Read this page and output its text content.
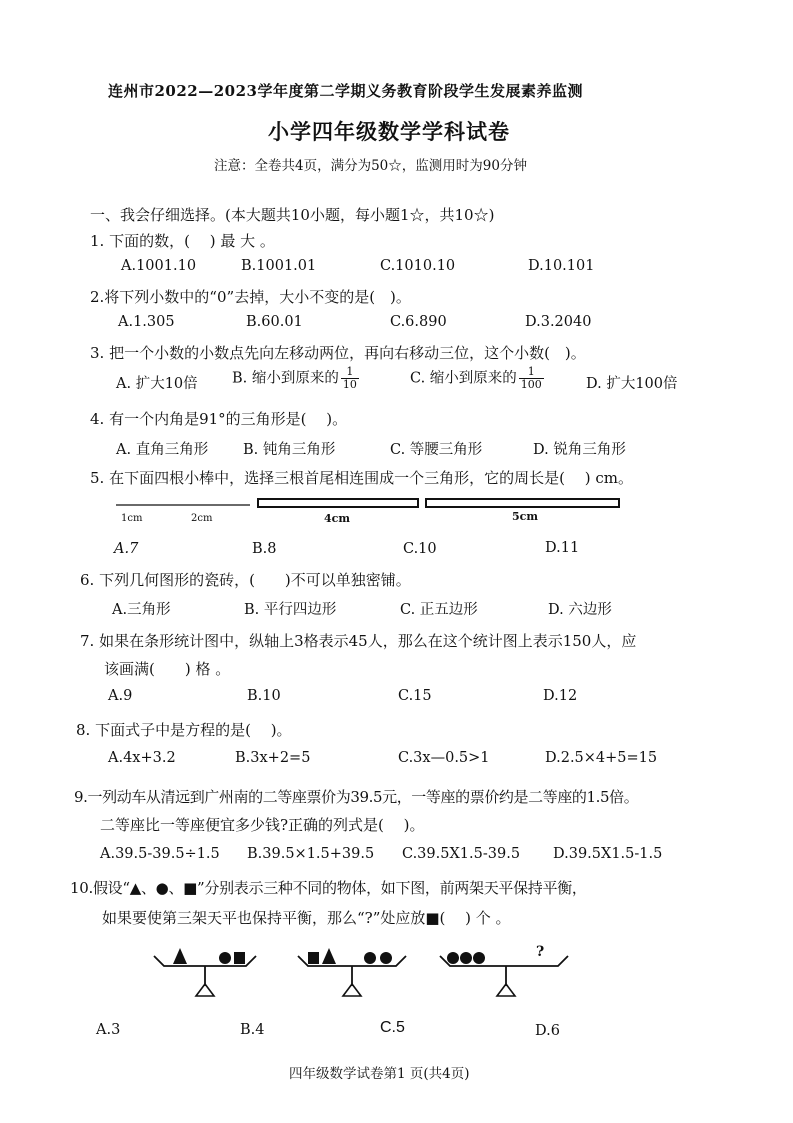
连州市2022—2023学年度第二学期义务教育阶段学生发展素养监测
小学四年级数学学科试卷
注意：全卷共4页，满分为50☆，监测用时为90分钟
一、我会仔细选择。(本大题共10小题，每小题1☆，共10☆)
1. 下面的数，(　 ) 最 大 。
A.1001.10	B.1001.01	C.1010.10	D.10.101
2.将下列小数中的“0”去掉，大小不变的是(　)。
A.1.305	B.60.01	C.6.890	D.3.2040
3. 把一个小数的小数点先向左移动两位，再向右移动三位，这个小数(　)。
A. 扩大10倍 B. 缩小到原来的 $\frac{1}{10}$	C. 缩小到原来的 $\frac{1}{100}$	D. 扩大100倍
4. 有一个内角是91°的三角形是(　 )。
A. 直角三角形 B. 钝角三角形	C. 等腰三角形	D. 锐角三角形
5. 在下面四根小棒中，选择三根首尾相连围成一个三角形，它的周长是(　 ) cm。
1cm	2cm	4cm	5cm
A.7	B.8	C.10	D.11
6. 下列几何图形的瓷砖，(　　)不可以单独密铺。
A.三角形	B. 平行四边形	C. 正五边形	D. 六边形
7. 如果在条形统计图中，纵轴上3格表示45人，那么在这个统计图上表示150人，应
该画满(　　) 格 。
A.9	B.10	C.15	D.12
8. 下面式子中是方程的是(　 )。
A.4x+3.2	B.3x+2=5	C.3x—0.5>1	D.2.5×4+5=15
9.一列动车从清远到广州南的二等座票价为39.5元，一等座的票价约是二等座的1.5倍。
二等座比一等座便宜多少钱?正确的列式是(　 )。
A.39.5-39.5÷1.5 B.39.5×1.5+39.5 C.39.5X1.5-39.5 D.39.5X1.5-1.5
10.假设“▲、●、■”分别表示三种不同的物体，如下图，前两架天平保持平衡，
如果要使第三架天平也保持平衡，那么“?”处应放■(　 ) 个 。
?
A.3	B.4	C.5	D.6
四年级数学试卷第1 页(共4页)
